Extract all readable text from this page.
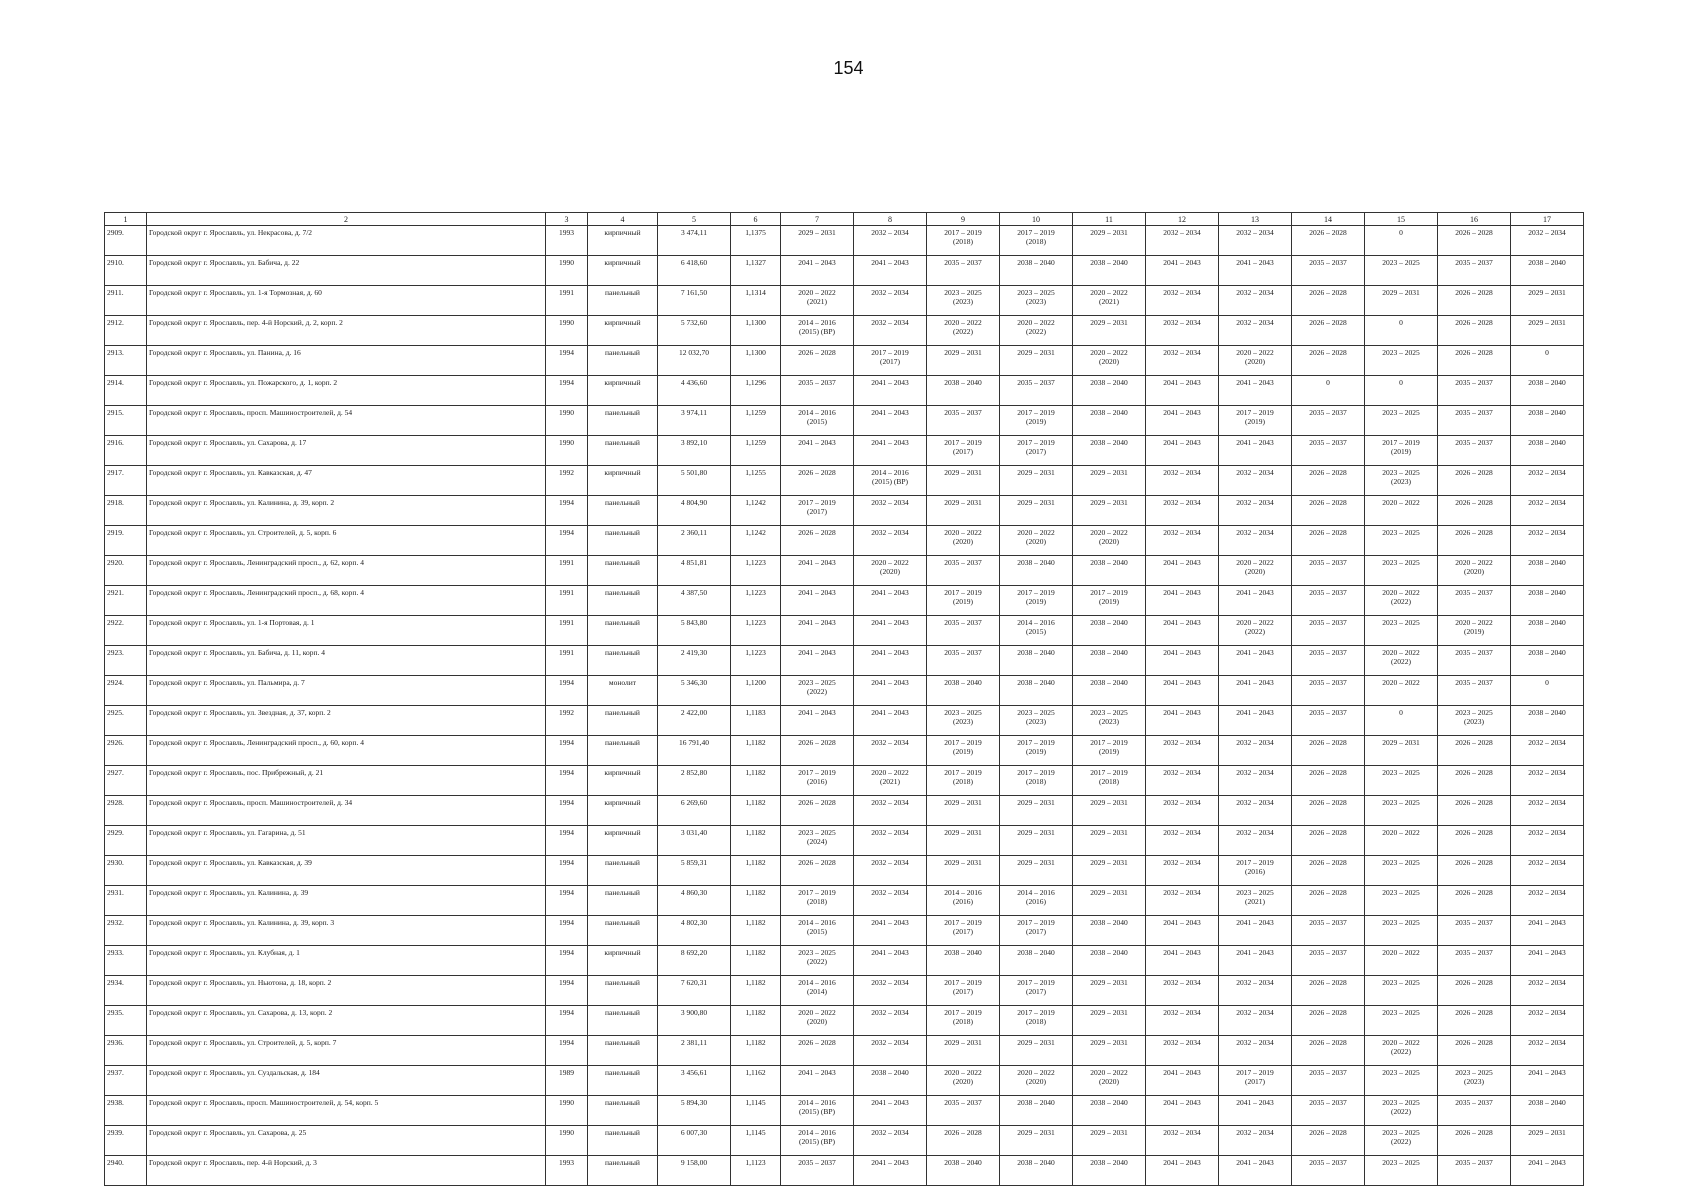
154
1	2	3	4	5	6	7	8	9	10	11	12	13	14	15	16	17
2909.	Городской округ г. Ярославль, ул. Некрасова, д. 7/2	1993	кирпичный	3 474,11	1,1375	2029 – 2031	2032 – 2034	2017 – 2019
(2018)	2017 – 2019
(2018)	2029 – 2031	2032 – 2034	2032 – 2034	2026 – 2028	0	2026 – 2028	2032 – 2034
2910.	Городской округ г. Ярославль, ул. Бабича, д. 22	1990	кирпичный	6 418,60	1,1327	2041 – 2043	2041 – 2043	2035 – 2037	2038 – 2040	2038 – 2040	2041 – 2043	2041 – 2043	2035 – 2037	2023 – 2025	2035 – 2037	2038 – 2040
2911.	Городской округ г. Ярославль, ул. 1-я Тормозная, д. 60	1991	панельный	7 161,50	1,1314	2020 – 2022
(2021)	2032 – 2034	2023 – 2025
(2023)	2023 – 2025
(2023)	2020 – 2022
(2021)	2032 – 2034	2032 – 2034	2026 – 2028	2029 – 2031	2026 – 2028	2029 – 2031
2912.	Городской округ г. Ярославль, пер. 4-й Норский, д. 2, корп. 2	1990	кирпичный	5 732,60	1,1300	2014 – 2016
(2015) (ВР)	2032 – 2034	2020 – 2022
(2022)	2020 – 2022
(2022)	2029 – 2031	2032 – 2034	2032 – 2034	2026 – 2028	0	2026 – 2028	2029 – 2031
2913.	Городской округ г. Ярославль, ул. Панина, д. 16	1994	панельный	12 032,70	1,1300	2026 – 2028	2017 – 2019
(2017)	2029 – 2031	2029 – 2031	2020 – 2022
(2020)	2032 – 2034	2020 – 2022
(2020)	2026 – 2028	2023 – 2025	2026 – 2028	0
2914.	Городской округ г. Ярославль, ул. Пожарского, д. 1, корп. 2	1994	кирпичный	4 436,60	1,1296	2035 – 2037	2041 – 2043	2038 – 2040	2035 – 2037	2038 – 2040	2041 – 2043	2041 – 2043	0	0	2035 – 2037	2038 – 2040
2915.	Городской округ г. Ярославль, просп. Машиностроителей, д. 54	1990	панельный	3 974,11	1,1259	2014 – 2016
(2015)	2041 – 2043	2035 – 2037	2017 – 2019
(2019)	2038 – 2040	2041 – 2043	2017 – 2019
(2019)	2035 – 2037	2023 – 2025	2035 – 2037	2038 – 2040
2916.	Городской округ г. Ярославль, ул. Сахарова, д. 17	1990	панельный	3 892,10	1,1259	2041 – 2043	2041 – 2043	2017 – 2019
(2017)	2017 – 2019
(2017)	2038 – 2040	2041 – 2043	2041 – 2043	2035 – 2037	2017 – 2019
(2019)	2035 – 2037	2038 – 2040
2917.	Городской округ г. Ярославль, ул. Кавказская, д. 47	1992	кирпичный	5 501,80	1,1255	2026 – 2028	2014 – 2016
(2015) (ВР)	2029 – 2031	2029 – 2031	2029 – 2031	2032 – 2034	2032 – 2034	2026 – 2028	2023 – 2025
(2023)	2026 – 2028	2032 – 2034
2918.	Городской округ г. Ярославль, ул. Калинина, д. 39, корп. 2	1994	панельный	4 804,90	1,1242	2017 – 2019
(2017)	2032 – 2034	2029 – 2031	2029 – 2031	2029 – 2031	2032 – 2034	2032 – 2034	2026 – 2028	2020 – 2022	2026 – 2028	2032 – 2034
2919.	Городской округ г. Ярославль, ул. Строителей, д. 5, корп. 6	1994	панельный	2 360,11	1,1242	2026 – 2028	2032 – 2034	2020 – 2022
(2020)	2020 – 2022
(2020)	2020 – 2022
(2020)	2032 – 2034	2032 – 2034	2026 – 2028	2023 – 2025	2026 – 2028	2032 – 2034
2920.	Городской округ г. Ярославль, Ленинградский просп., д. 62, корп. 4	1991	панельный	4 851,81	1,1223	2041 – 2043	2020 – 2022
(2020)	2035 – 2037	2038 – 2040	2038 – 2040	2041 – 2043	2020 – 2022
(2020)	2035 – 2037	2023 – 2025	2020 – 2022
(2020)	2038 – 2040
2921.	Городской округ г. Ярославль, Ленинградский просп., д. 68, корп. 4	1991	панельный	4 387,50	1,1223	2041 – 2043	2041 – 2043	2017 – 2019
(2019)	2017 – 2019
(2019)	2017 – 2019
(2019)	2041 – 2043	2041 – 2043	2035 – 2037	2020 – 2022
(2022)	2035 – 2037	2038 – 2040
2922.	Городской округ г. Ярославль, ул. 1-я Портовая, д. 1	1991	панельный	5 843,80	1,1223	2041 – 2043	2041 – 2043	2035 – 2037	2014 – 2016
(2015)	2038 – 2040	2041 – 2043	2020 – 2022
(2022)	2035 – 2037	2023 – 2025	2020 – 2022
(2019)	2038 – 2040
2923.	Городской округ г. Ярославль, ул. Бабича, д. 11, корп. 4	1991	панельный	2 419,30	1,1223	2041 – 2043	2041 – 2043	2035 – 2037	2038 – 2040	2038 – 2040	2041 – 2043	2041 – 2043	2035 – 2037	2020 – 2022
(2022)	2035 – 2037	2038 – 2040
2924.	Городской округ г. Ярославль, ул. Пальмира, д. 7	1994	монолит	5 346,30	1,1200	2023 – 2025
(2022)	2041 – 2043	2038 – 2040	2038 – 2040	2038 – 2040	2041 – 2043	2041 – 2043	2035 – 2037	2020 – 2022	2035 – 2037	0
2925.	Городской округ г. Ярославль, ул. Звездная, д. 37, корп. 2	1992	панельный	2 422,00	1,1183	2041 – 2043	2041 – 2043	2023 – 2025
(2023)	2023 – 2025
(2023)	2023 – 2025
(2023)	2041 – 2043	2041 – 2043	2035 – 2037	0	2023 – 2025
(2023)	2038 – 2040
2926.	Городской округ г. Ярославль, Ленинградский просп., д. 60, корп. 4	1994	панельный	16 791,40	1,1182	2026 – 2028	2032 – 2034	2017 – 2019
(2019)	2017 – 2019
(2019)	2017 – 2019
(2019)	2032 – 2034	2032 – 2034	2026 – 2028	2029 – 2031	2026 – 2028	2032 – 2034
2927.	Городской округ г. Ярославль, пос. Прибрежный, д. 21	1994	кирпичный	2 852,80	1,1182	2017 – 2019
(2016)	2020 – 2022
(2021)	2017 – 2019
(2018)	2017 – 2019
(2018)	2017 – 2019
(2018)	2032 – 2034	2032 – 2034	2026 – 2028	2023 – 2025	2026 – 2028	2032 – 2034
2928.	Городской округ г. Ярославль, просп. Машиностроителей, д. 34	1994	кирпичный	6 269,60	1,1182	2026 – 2028	2032 – 2034	2029 – 2031	2029 – 2031	2029 – 2031	2032 – 2034	2032 – 2034	2026 – 2028	2023 – 2025	2026 – 2028	2032 – 2034
2929.	Городской округ г. Ярославль, ул. Гагарина, д. 51	1994	кирпичный	3 031,40	1,1182	2023 – 2025
(2024)	2032 – 2034	2029 – 2031	2029 – 2031	2029 – 2031	2032 – 2034	2032 – 2034	2026 – 2028	2020 – 2022	2026 – 2028	2032 – 2034
2930.	Городской округ г. Ярославль, ул. Кавказская, д. 39	1994	панельный	5 859,31	1,1182	2026 – 2028	2032 – 2034	2029 – 2031	2029 – 2031	2029 – 2031	2032 – 2034	2017 – 2019
(2016)	2026 – 2028	2023 – 2025	2026 – 2028	2032 – 2034
2931.	Городской округ г. Ярославль, ул. Калинина, д. 39	1994	панельный	4 860,30	1,1182	2017 – 2019
(2018)	2032 – 2034	2014 – 2016
(2016)	2014 – 2016
(2016)	2029 – 2031	2032 – 2034	2023 – 2025
(2021)	2026 – 2028	2023 – 2025	2026 – 2028	2032 – 2034
2932.	Городской округ г. Ярославль, ул. Калинина, д. 39, корп. 3	1994	панельный	4 802,30	1,1182	2014 – 2016
(2015)	2041 – 2043	2017 – 2019
(2017)	2017 – 2019
(2017)	2038 – 2040	2041 – 2043	2041 – 2043	2035 – 2037	2023 – 2025	2035 – 2037	2041 – 2043
2933.	Городской округ г. Ярославль, ул. Клубная, д. 1	1994	кирпичный	8 692,20	1,1182	2023 – 2025
(2022)	2041 – 2043	2038 – 2040	2038 – 2040	2038 – 2040	2041 – 2043	2041 – 2043	2035 – 2037	2020 – 2022	2035 – 2037	2041 – 2043
2934.	Городской округ г. Ярославль, ул. Ньютона, д. 18, корп. 2	1994	панельный	7 620,31	1,1182	2014 – 2016
(2014)	2032 – 2034	2017 – 2019
(2017)	2017 – 2019
(2017)	2029 – 2031	2032 – 2034	2032 – 2034	2026 – 2028	2023 – 2025	2026 – 2028	2032 – 2034
2935.	Городской округ г. Ярославль, ул. Сахарова, д. 13, корп. 2	1994	панельный	3 900,80	1,1182	2020 – 2022
(2020)	2032 – 2034	2017 – 2019
(2018)	2017 – 2019
(2018)	2029 – 2031	2032 – 2034	2032 – 2034	2026 – 2028	2023 – 2025	2026 – 2028	2032 – 2034
2936.	Городской округ г. Ярославль, ул. Строителей, д. 5, корп. 7	1994	панельный	2 381,11	1,1182	2026 – 2028	2032 – 2034	2029 – 2031	2029 – 2031	2029 – 2031	2032 – 2034	2032 – 2034	2026 – 2028	2020 – 2022
(2022)	2026 – 2028	2032 – 2034
2937.	Городской округ г. Ярославль, ул. Суздальская, д. 184	1989	панельный	3 456,61	1,1162	2041 – 2043	2038 – 2040	2020 – 2022
(2020)	2020 – 2022
(2020)	2020 – 2022
(2020)	2041 – 2043	2017 – 2019
(2017)	2035 – 2037	2023 – 2025	2023 – 2025
(2023)	2041 – 2043
2938.	Городской округ г. Ярославль, просп. Машиностроителей, д. 54, корп. 5	1990	панельный	5 894,30	1,1145	2014 – 2016
(2015) (ВР)	2041 – 2043	2035 – 2037	2038 – 2040	2038 – 2040	2041 – 2043	2041 – 2043	2035 – 2037	2023 – 2025
(2022)	2035 – 2037	2038 – 2040
2939.	Городской округ г. Ярославль, ул. Сахарова, д. 25	1990	панельный	6 007,30	1,1145	2014 – 2016
(2015) (ВР)	2032 – 2034	2026 – 2028	2029 – 2031	2029 – 2031	2032 – 2034	2032 – 2034	2026 – 2028	2023 – 2025
(2022)	2026 – 2028	2029 – 2031
2940.	Городской округ г. Ярославль, пер. 4-й Норский, д. 3	1993	панельный	9 158,00	1,1123	2035 – 2037	2041 – 2043	2038 – 2040	2038 – 2040	2038 – 2040	2041 – 2043	2041 – 2043	2035 – 2037	2023 – 2025	2035 – 2037	2041 – 2043
